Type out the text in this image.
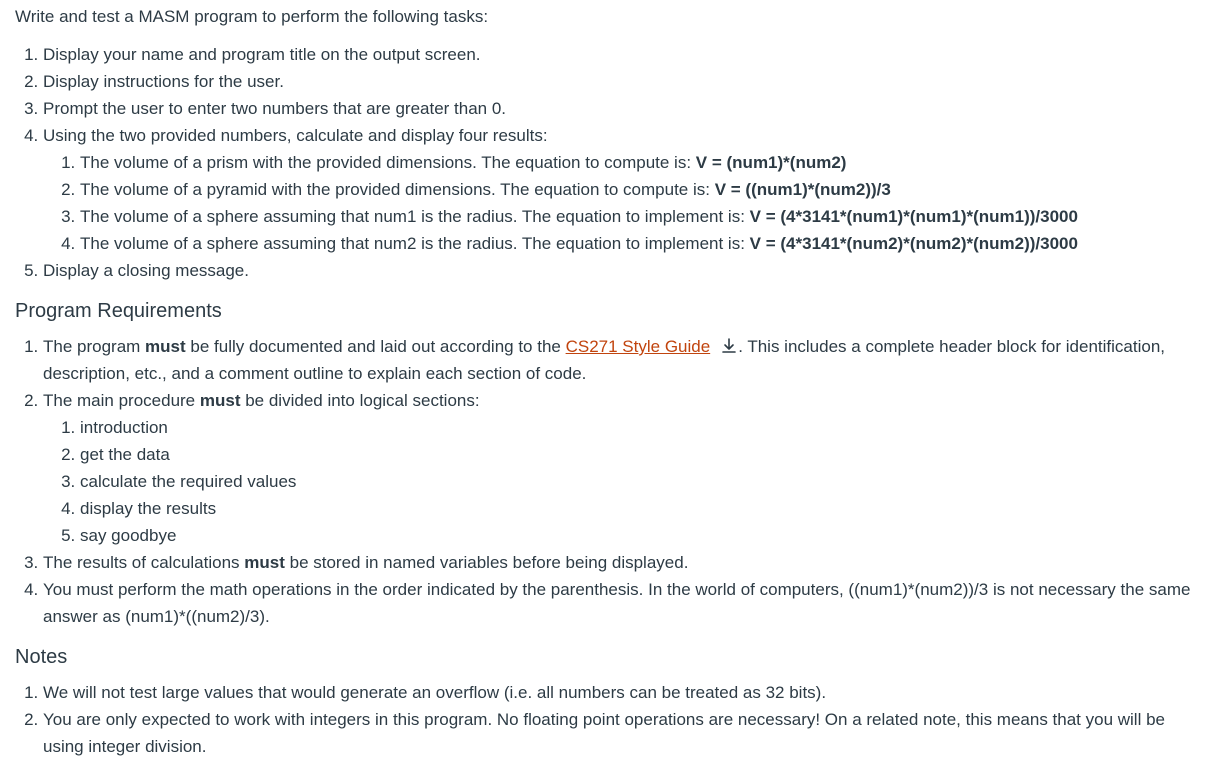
Write and test a MASM program to perform the following tasks:

1. Display your name and program title on the output screen.
2. Display instructions for the user.
3. Prompt the user to enter two numbers that are greater than 0.
4. Using the two provided numbers, calculate and display four results:
1. The volume of a prism with the provided dimensions. The equation to compute is: V = (num1)*(num2)
2. The volume of a pyramid with the provided dimensions. The equation to compute is: V = ((num1)*(num2))/3
3. The volume of a sphere assuming that num1 is the radius. The equation to implement is: V = (4*3141*(num1)*(num1)*(num1))/3000
4. The volume of a sphere assuming that num2 is the radius. The equation to implement is: V = (4*3141*(num2)*(num2)*(num2))/3000
5. Display a closing message.
Program Requirements
1. The program must be fully documented and laid out according to the CS271 Style Guide . This includes a complete header block for identification, description, etc., and a comment outline to explain each section of code.
2. The main procedure must be divided into logical sections:
1. introduction
2. get the data
3. calculate the required values
4. display the results
5. say goodbye
3. The results of calculations must be stored in named variables before being displayed.
4. You must perform the math operations in the order indicated by the parenthesis. In the world of computers, ((num1)*(num2))/3 is not necessary the same answer as (num1)*((num2)/3).
Notes
1. We will not test large values that would generate an overflow (i.e. all numbers can be treated as 32 bits).
2. You are only expected to work with integers in this program. No floating point operations are necessary! On a related note, this means that you will be using integer division.
